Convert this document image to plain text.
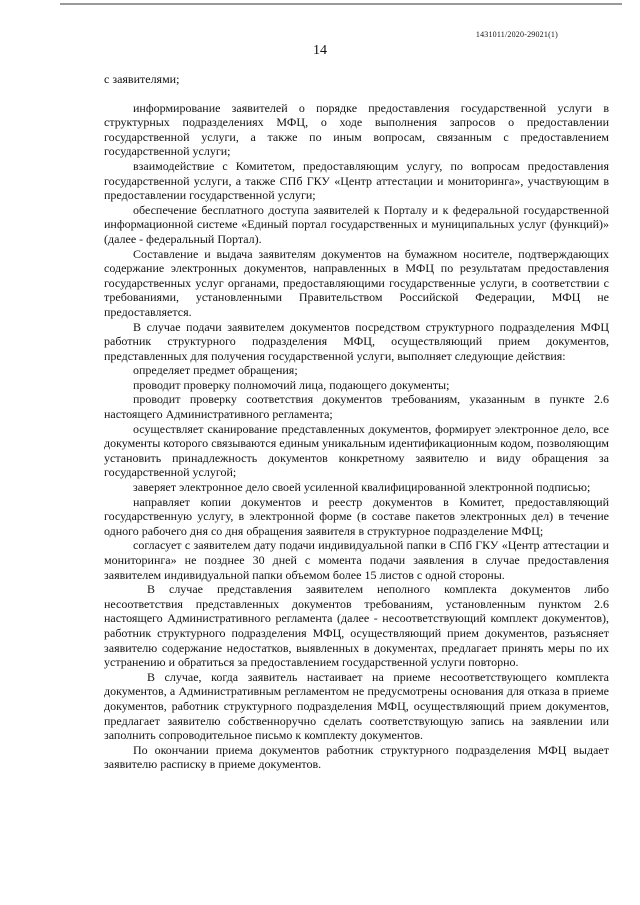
1431011/2020-29021(1)
14

с заявителями;

информирование заявителей о порядке предоставления государственной услуги в структурных подразделениях МФЦ, о ходе выполнения запросов о предоставлении государственной услуги, а также по иным вопросам, связанным с предоставлением государственной услуги;

взаимодействие с Комитетом, предоставляющим услугу, по вопросам предоставления государственной услуги, а также СПб ГКУ «Центр аттестации и мониторинга», участвующим в предоставлении государственной услуги;

обеспечение бесплатного доступа заявителей к Порталу и к федеральной государственной информационной системе «Единый портал государственных и муниципальных услуг (функций)» (далее - федеральный Портал).

Составление и выдача заявителям документов на бумажном носителе, подтверждающих содержание электронных документов, направленных в МФЦ по результатам предоставления государственных услуг органами, предоставляющими государственные услуги, в соответствии с требованиями, установленными Правительством Российской Федерации, МФЦ не предоставляется.

В случае подачи заявителем документов посредством структурного подразделения МФЦ работник структурного подразделения МФЦ, осуществляющий прием документов, представленных для получения государственной услуги, выполняет следующие действия:

определяет предмет обращения;

проводит проверку полномочий лица, подающего документы;

проводит проверку соответствия документов требованиям, указанным в пункте 2.6 настоящего Административного регламента;

осуществляет сканирование представленных документов, формирует электронное дело, все документы которого связываются единым уникальным идентификационным кодом, позволяющим установить принадлежность документов конкретному заявителю и виду обращения за государственной услугой;

заверяет электронное дело своей усиленной квалифицированной электронной подписью;

направляет копии документов и реестр документов в Комитет, предоставляющий государственную услугу, в электронной форме (в составе пакетов электронных дел) в течение одного рабочего дня со дня обращения заявителя в структурное подразделение МФЦ;

согласует с заявителем дату подачи индивидуальной папки в СПб ГКУ «Центр аттестации и мониторинга» не позднее 30 дней с момента подачи заявления в случае предоставления заявителем индивидуальной папки объемом более 15 листов с одной стороны.

В случае представления заявителем неполного комплекта документов либо несоответствия представленных документов требованиям, установленным пунктом 2.6 настоящего Административного регламента (далее - несоответствующий комплект документов), работник структурного подразделения МФЦ, осуществляющий прием документов, разъясняет заявителю содержание недостатков, выявленных в документах, предлагает принять меры по их устранению и обратиться за предоставлением государственной услуги повторно.

В случае, когда заявитель настаивает на приеме несоответствующего комплекта документов, а Административным регламентом не предусмотрены основания для отказа в приеме документов, работник структурного подразделения МФЦ, осуществляющий прием документов, предлагает заявителю собственноручно сделать соответствующую запись на заявлении или заполнить сопроводительное письмо к комплекту документов.

По окончании приема документов работник структурного подразделения МФЦ выдает заявителю расписку в приеме документов.
